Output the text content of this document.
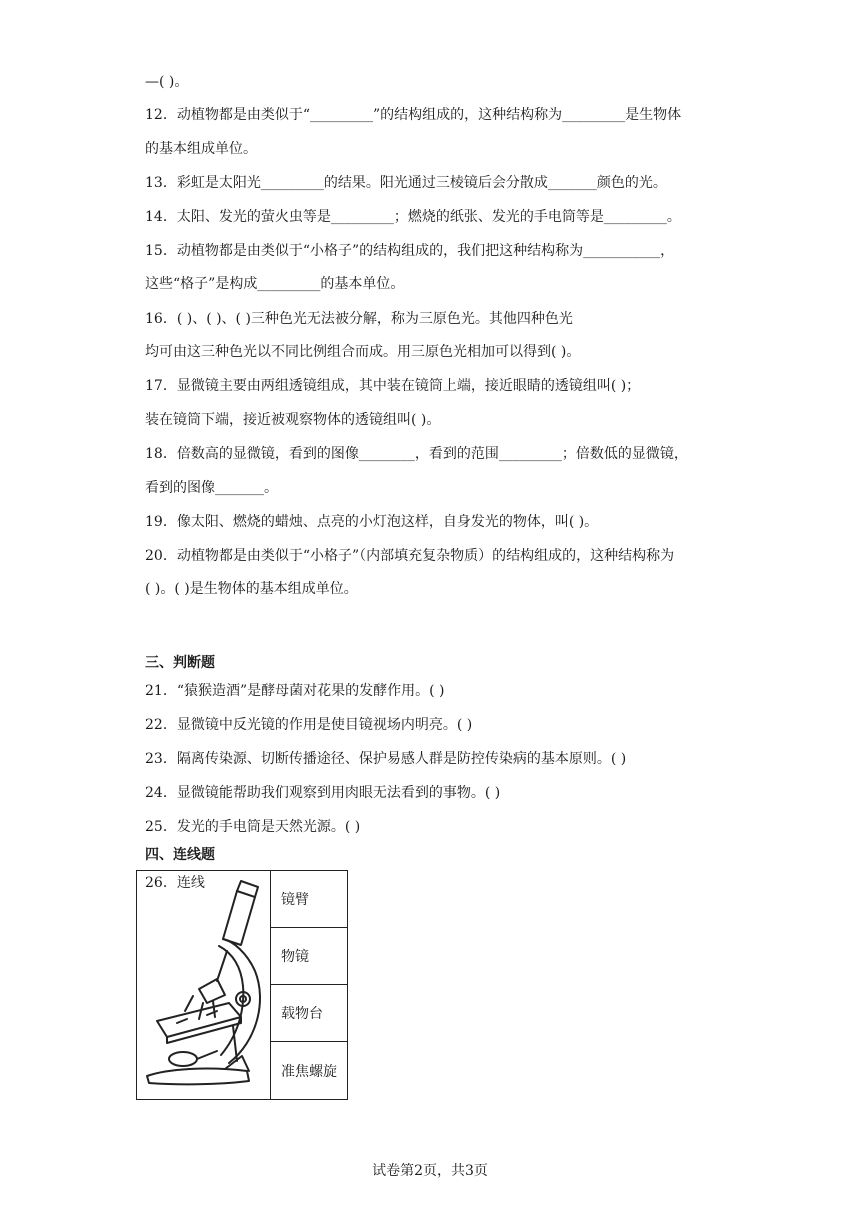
—( )。
12．动植物都是由类似于“_________”的结构组成的，这种结构称为_________是生物体
的基本组成单位。
13．彩虹是太阳光_________的结果。阳光通过三棱镜后会分散成_______颜色的光。
14．太阳、发光的萤火虫等是_________；燃烧的纸张、发光的手电筒等是_________。
15．动植物都是由类似于“小格子”的结构组成的，我们把这种结构称为___________，
这些“格子”是构成_________的基本单位。
16．( )、( )、( )三种色光无法被分解，称为三原色光。其他四种色光
均可由这三种色光以不同比例组合而成。用三原色光相加可以得到( )。
17．显微镜主要由两组透镜组成，其中装在镜筒上端，接近眼睛的透镜组叫( )；
装在镜筒下端，接近被观察物体的透镜组叫( )。
18．倍数高的显微镜，看到的图像________，看到的范围_________；倍数低的显微镜，
看到的图像_______。
19．像太阳、燃烧的蜡烛、点亮的小灯泡这样，自身发光的物体，叫( )。
20．动植物都是由类似于“小格子”（内部填充复杂物质）的结构组成的，这种结构称为
( )。( )是生物体的基本组成单位。
三、判断题
21．“猿猴造酒”是酵母菌对花果的发酵作用。( )
22．显微镜中反光镜的作用是使目镜视场内明亮。( )
23．隔离传染源、切断传播途径、保护易感人群是防控传染病的基本原则。( )
24．显微镜能帮助我们观察到用肉眼无法看到的事物。( )
25．发光的手电筒是天然光源。( )
四、连线题
26．连线
镜臂
物镜
载物台
准焦螺旋
试卷第2页，共3页
